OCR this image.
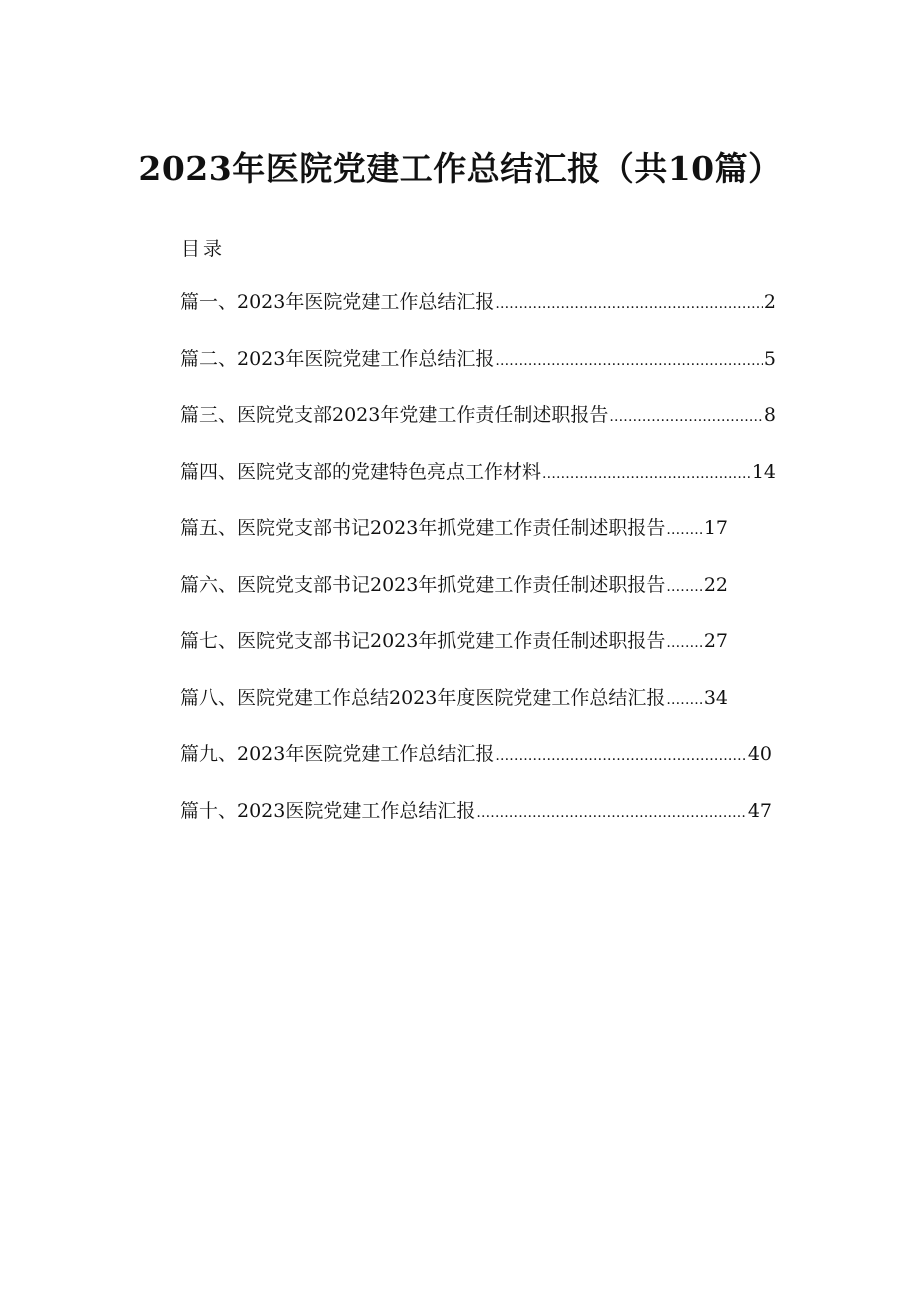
2023年医院党建工作总结汇报（共10篇）
目录
篇一、2023年医院党建工作总结汇报 .....	2
篇二、2023年医院党建工作总结汇报 .....	5
篇三、医院党支部2023年党建工作责任制述职报告 .....	8
篇四、医院党支部的党建特色亮点工作材料 .....	14
篇五、医院党支部书记2023年抓党建工作责任制述职报告 ..... 17
篇六、医院党支部书记2023年抓党建工作责任制述职报告 ..... 22
篇七、医院党支部书记2023年抓党建工作责任制述职报告 ..... 27
篇八、医院党建工作总结2023年度医院党建工作总结汇报 ..... 34
篇九、2023年医院党建工作总结汇报 .....	40
篇十、2023医院党建工作总结汇报 .....	47
